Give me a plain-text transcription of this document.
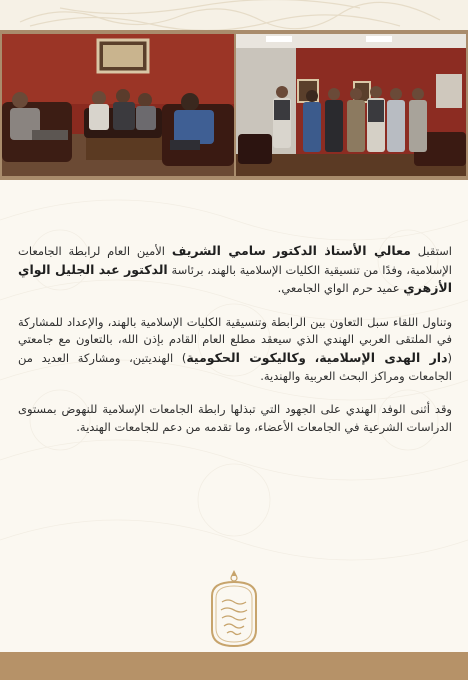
استقبل معالي الأستاذ الدكتور سامي الشريف الأمين العام لرابطة الجامعات الإسلامية، وفدًا من تنسيقية الكليات الإسلامية بالهند، برئاسة الدكتور عبد الجليل الواي الأزهري عميد حرم الواي الجامعي.

وتناول اللقاء سبل التعاون بين الرابطة وتنسيقية الكليات الإسلامية بالهند، والإعداد للمشاركة في الملتقى العربي الهندي الذي سيعقد مطلع العام القادم بإذن الله، بالتعاون مع جامعتي (دار الهدى الإسلامية، وكاليكوت الحكومية) الهنديتين، ومشاركة العديد من الجامعات ومراكز البحث العربية والهندية.

وقد أثنى الوفد الهندي على الجهود التي تبذلها رابطة الجامعات الإسلامية للنهوض بمستوى الدراسات الشرعية في الجامعات الأعضاء، وما تقدمه من دعم للجامعات الهندية.
